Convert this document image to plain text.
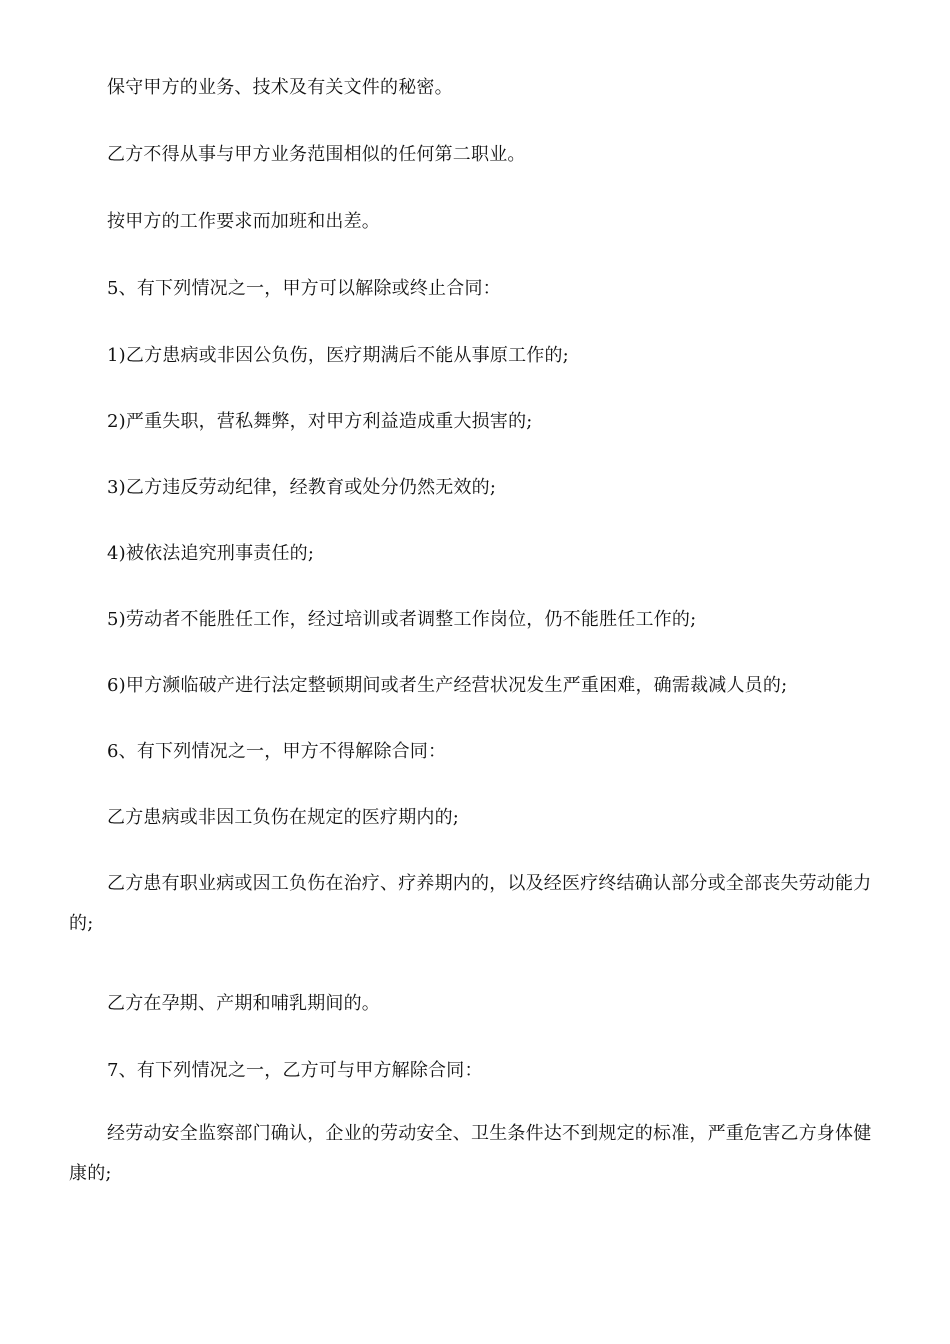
保守甲方的业务、技术及有关文件的秘密。

乙方不得从事与甲方业务范围相似的任何第二职业。

按甲方的工作要求而加班和出差。

5、有下列情况之一，甲方可以解除或终止合同：

1)乙方患病或非因公负伤，医疗期满后不能从事原工作的;

2)严重失职，营私舞弊，对甲方利益造成重大损害的;

3)乙方违反劳动纪律，经教育或处分仍然无效的;

4)被依法追究刑事责任的;

5)劳动者不能胜任工作，经过培训或者调整工作岗位，仍不能胜任工作的;

6)甲方濒临破产进行法定整顿期间或者生产经营状况发生严重困难，确需裁减人员的;

6、有下列情况之一，甲方不得解除合同：

乙方患病或非因工负伤在规定的医疗期内的;

乙方患有职业病或因工负伤在治疗、疗养期内的，以及经医疗终结确认部分或全部丧失劳动能力的;

乙方在孕期、产期和哺乳期间的。

7、有下列情况之一，乙方可与甲方解除合同：

经劳动安全监察部门确认，企业的劳动安全、卫生条件达不到规定的标准，严重危害乙方身体健康的;
